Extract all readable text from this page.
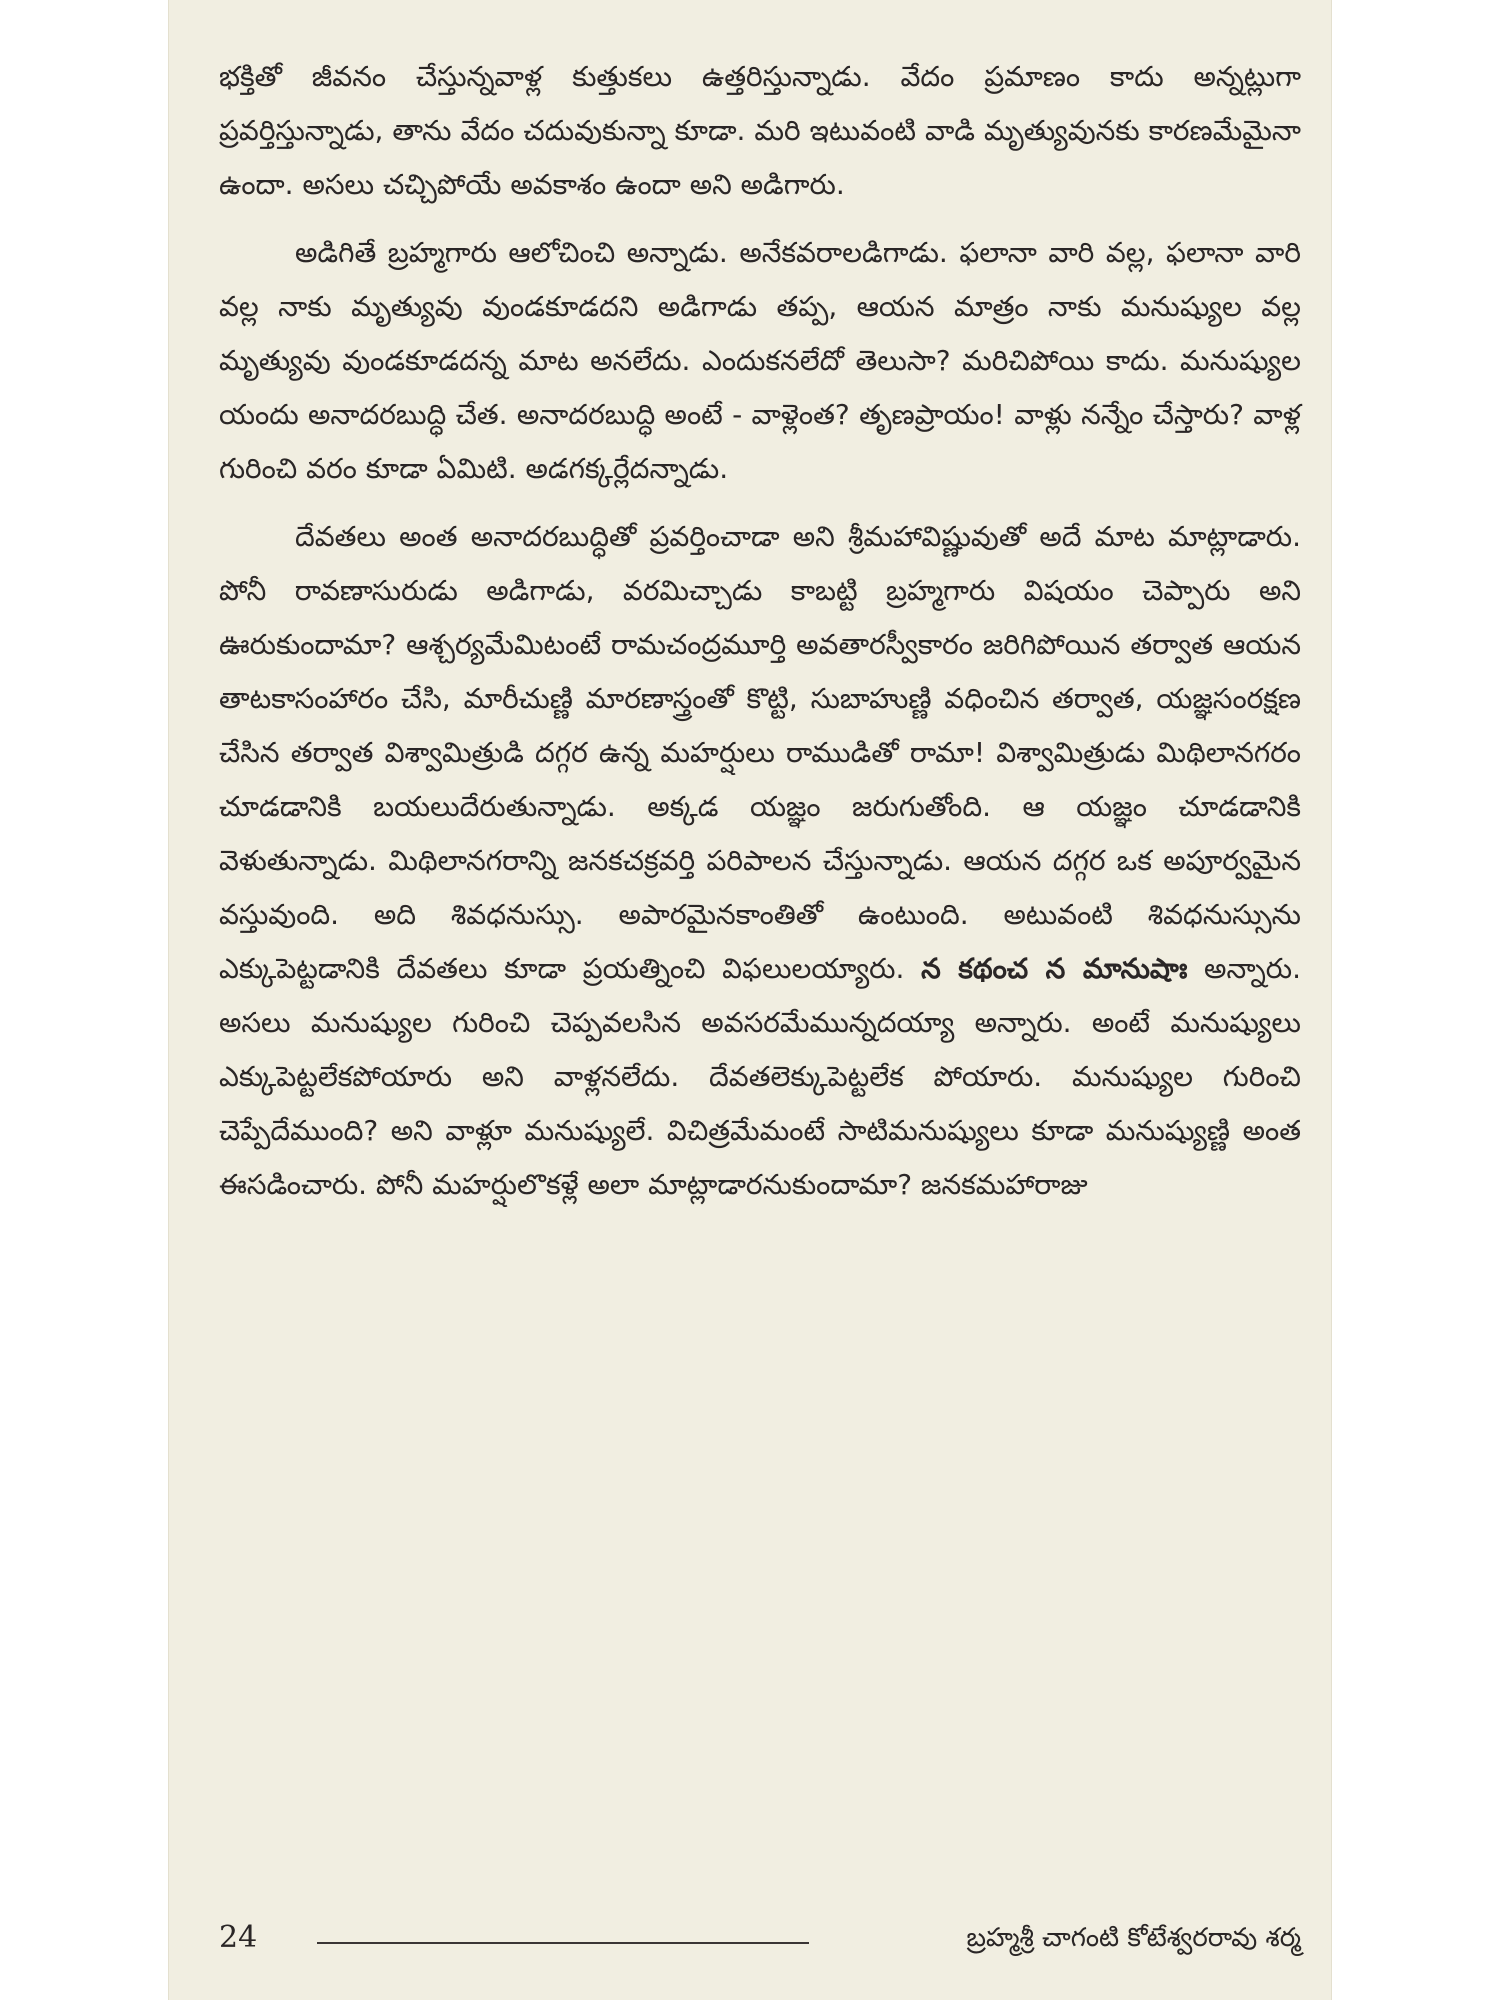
భక్తితో జీవనం చేస్తున్నవాళ్ల కుత్తుకలు ఉత్తరిస్తున్నాడు. వేదం ప్రమాణం కాదు అన్నట్లుగా ప్రవర్తిస్తున్నాడు, తాను వేదం చదువుకున్నా కూడా. మరి ఇటువంటి వాడి మృత్యువునకు కారణమేమైనా ఉందా. అసలు చచ్చిపోయే అవకాశం ఉందా అని అడిగారు.

అడిగితే బ్రహ్మగారు ఆలోచించి అన్నాడు. అనేకవరాలడిగాడు. ఫలానా వారి వల్ల, ఫలానా వారి వల్ల నాకు మృత్యువు వుండకూడదని అడిగాడు తప్ప, ఆయన మాత్రం నాకు మనుష్యుల వల్ల మృత్యువు వుండకూడదన్న మాట అనలేదు. ఎందుకనలేదో తెలుసా? మరిచిపోయి కాదు. మనుష్యుల యందు అనాదరబుద్ధి చేత. అనాదరబుద్ధి అంటే - వాళ్లెంత? తృణప్రాయం! వాళ్లు నన్నేం చేస్తారు? వాళ్ల గురించి వరం కూడా ఏమిటి. అడగక్కర్లేదన్నాడు.

దేవతలు అంత అనాదరబుద్ధితో ప్రవర్తించాడా అని శ్రీమహావిష్ణువుతో అదే మాట మాట్లాడారు. పోనీ రావణాసురుడు అడిగాడు, వరమిచ్చాడు కాబట్టి బ్రహ్మగారు విషయం చెప్పారు అని ఊరుకుందామా? ఆశ్చర్యమేమిటంటే రామచంద్రమూర్తి అవతారస్వీకారం జరిగిపోయిన తర్వాత ఆయన తాటకాసంహారం చేసి, మారీచుణ్ణి మారణాస్త్రంతో కొట్టి, సుబాహుణ్ణి వధించిన తర్వాత, యజ్ఞసంరక్షణ చేసిన తర్వాత విశ్వామిత్రుడి దగ్గర ఉన్న మహర్షులు రాముడితో రామా! విశ్వామిత్రుడు మిథిలానగరం చూడడానికి బయలుదేరుతున్నాడు. అక్కడ యజ్ఞం జరుగుతోంది. ఆ యజ్ఞం చూడడానికి వెళుతున్నాడు. మిథిలానగరాన్ని జనకచక్రవర్తి పరిపాలన చేస్తున్నాడు. ఆయన దగ్గర ఒక అపూర్వమైన వస్తువుంది. అది శివధనుస్సు. అపారమైనకాంతితో ఉంటుంది. అటువంటి శివధనుస్సును ఎక్కుపెట్టడానికి దేవతలు కూడా ప్రయత్నించి విఫలులయ్యారు. న కథంచ న మానుషాః అన్నారు. అసలు మనుష్యుల గురించి చెప్పవలసిన అవసరమేమున్నదయ్యా అన్నారు. అంటే మనుష్యులు ఎక్కుపెట్టలేకపోయారు అని వాళ్లనలేదు. దేవతలెక్కుపెట్టలేక పోయారు. మనుష్యుల గురించి చెప్పేదేముంది? అని వాళ్లూ మనుష్యులే. విచిత్రమేమంటే సాటిమనుష్యులు కూడా మనుష్యుణ్ణి అంత ఈసడించారు. పోనీ మహర్షులొకళ్లే అలా మాట్లాడారనుకుందామా? జనకమహారాజు

24	బ్రహ్మశ్రీ చాగంటి కోటేశ్వరరావు శర్మ
